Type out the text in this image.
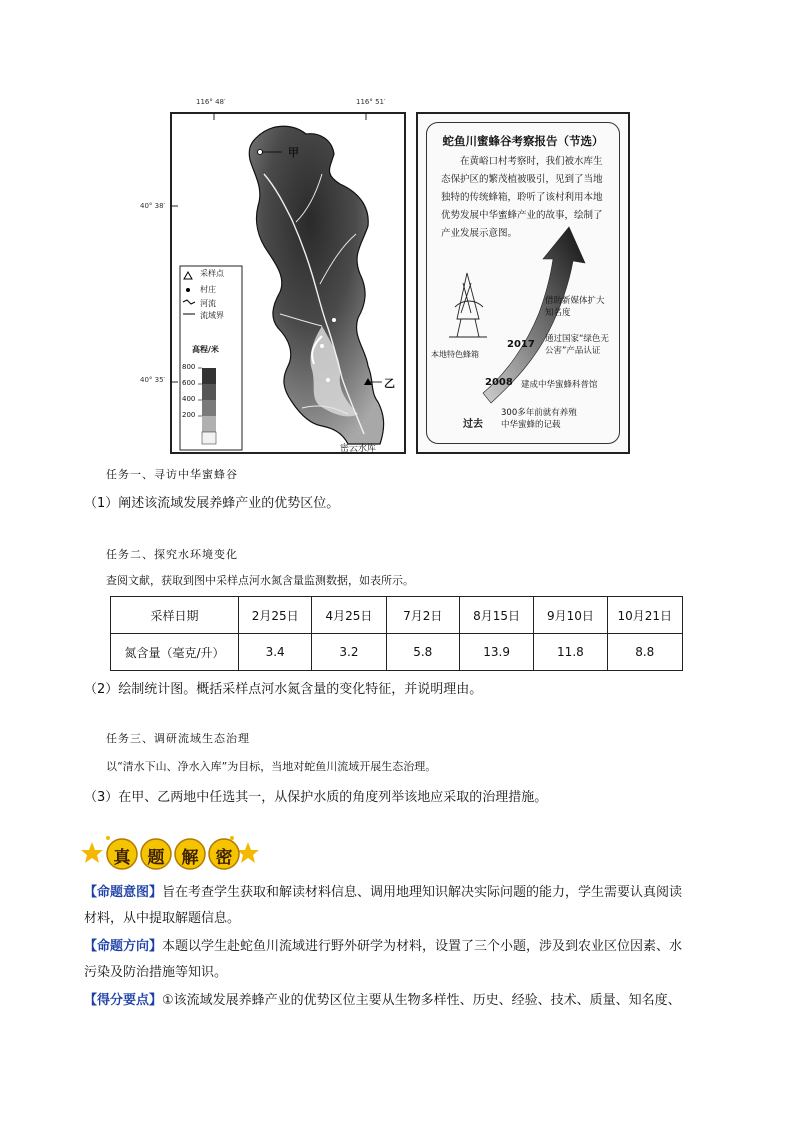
116° 48′	116° 51′
40° 38′
40° 35′
甲
乙
密云水库
采样点
村庄
河流
流域界
高程/米
800
600
400
200
蛇鱼川蜜蜂谷考察报告（节选）
在黄峪口村考察时，我们被水库生态保护区的繁茂植被吸引，见到了当地独特的传统蜂箱，聆听了该村利用本地优势发展中华蜜蜂产业的故事，绘制了产业发展示意图。
本地特色蜂箱
借助新媒体扩大知名度
2017 通过国家“绿色无公害”产品认证
2008 建成中华蜜蜂科普馆
过去
300多年前就有养殖中华蜜蜂的记载
任务一、寻访中华蜜蜂谷
（1）阐述该流域发展养蜂产业的优势区位。
任务二、探究水环境变化
查阅文献，获取到图中采样点河水氮含量监测数据，如表所示。
采样日期	2月25日	4月25日	7月2日	8月15日	9月10日	10月21日
氮含量（毫克/升）	3.4	3.2	5.8	13.9	11.8	8.8
（2）绘制统计图。概括采样点河水氮含量的变化特征，并说明理由。
任务三、调研流域生态治理
以“清水下山、净水入库”为目标，当地对蛇鱼川流域开展生态治理。
（3）在甲、乙两地中任选其一，从保护水质的角度列举该地应采取的治理措施。
真 题 解 密
【命题意图】旨在考查学生获取和解读材料信息、调用地理知识解决实际问题的能力，学生需要认真阅读
材料，从中提取解题信息。
【命题方向】本题以学生赴蛇鱼川流域进行野外研学为材料，设置了三个小题，涉及到农业区位因素、水
污染及防治措施等知识。
【得分要点】①该流域发展养蜂产业的优势区位主要从生物多样性、历史、经验、技术、质量、知名度、
